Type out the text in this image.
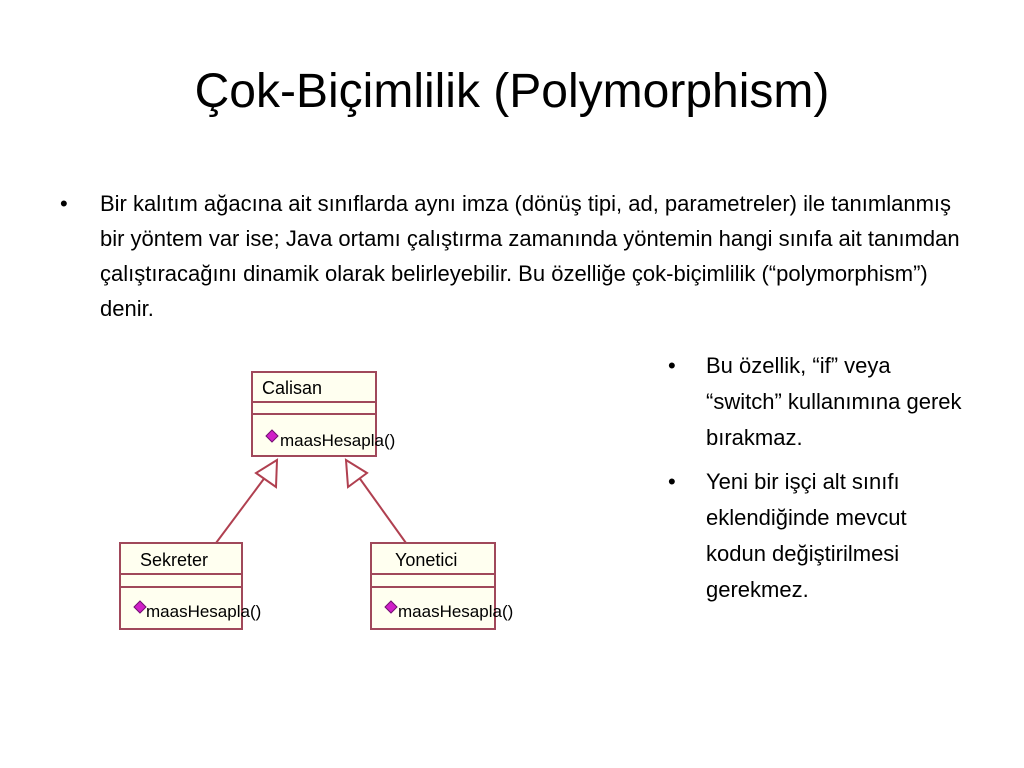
Çok-Biçimlilik (Polymorphism)
•	Bir kalıtım ağacına ait sınıflarda aynı imza (dönüş tipi, ad, parametreler) ile tanımlanmış bir yöntem var ise; Java ortamı çalıştırma zamanında yöntemin hangi sınıfa ait tanımdan çalıştıracağını dinamik olarak belirleyebilir. Bu özelliğe çok-biçimlilik (“polymorphism”) denir.
•	Bu özellik, “if” veya “switch” kullanımına gerek bırakmaz.
•	Yeni bir işçi alt sınıfı eklendiğinde mevcut kodun değiştirilmesi gerekmez.
Calisan
maasHesapla()
Sekreter
maasHesapla()
Yonetici
maasHesapla()
